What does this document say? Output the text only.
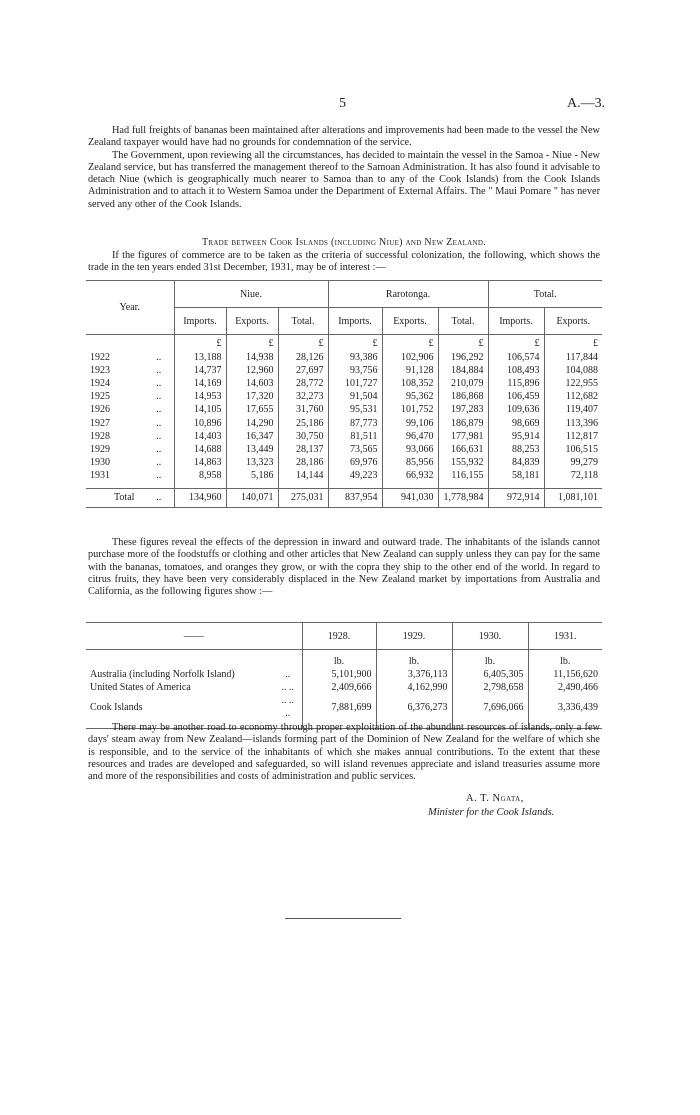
5	A.—3.

Had full freights of bananas been maintained after alterations and improvements had been made to the vessel the New Zealand taxpayer would have had no grounds for condemnation of the service.

The Government, upon reviewing all the circumstances, has decided to maintain the vessel in the Samoa - Niue - New Zealand service, but has transferred the management thereof to the Samoan Administration. It has also found it advisable to detach Niue (which is geographically much nearer to Samoa than to any of the Cook Islands) from the Cook Islands Administration and to attach it to Western Samoa under the Department of External Affairs. The " Maui Pomare " has never served any other of the Cook Islands.

Trade between Cook Islands (including Niue) and New Zealand.

If the figures of commerce are to be taken as the criteria of successful colonization, the following, which shows the trade in the ten years ended 31st December, 1931, may be of interest :—

Year.		Niue.			Rarotonga.			Total.	
		Imports.	Exports.	Total.	Imports.	Exports.	Total.	Imports.	Exports.
		£	£	£	£	£	£	£	£
1922	..	13,188	14,938	28,126	93,386	102,906	196,292	106,574	117,844
1923	..	14,737	12,960	27,697	93,756	91,128	184,884	108,493	104,088
1924	..	14,169	14,603	28,772	101,727	108,352	210,079	115,896	122,955
1925	..	14,953	17,320	32,273	91,504	95,362	186,868	106,459	112,682
1926	..	14,105	17,655	31,760	95,531	101,752	197,283	109,636	119,407
1927	..	10,896	14,290	25,186	87,773	99,106	186,879	98,669	113,396
1928	..	14,403	16,347	30,750	81,511	96,470	177,981	95,914	112,817
1929	..	14,688	13,449	28,137	73,565	93,066	166,631	88,253	106,515
1930	..	14,863	13,323	28,186	69,976	85,956	155,932	84,839	99,279
1931	..	8,958	5,186	14,144	49,223	66,932	116,155	58,181	72,118

Total	..	134,960	140,071	275,031	837,954	941,030	1,778,984	972,914	1,081,101

These figures reveal the effects of the depression in inward and outward trade. The inhabitants of the islands cannot purchase more of the foodstuffs or clothing and other articles that New Zealand can supply unless they can pay for the same with the bananas, tomatoes, and oranges they grow, or with the copra they ship to the other end of the world. In regard to citrus fruits, they have been very considerably displaced in the New Zealand market by importations from Australia and California, as the following figures show :—

——		1928.	1929.	1930.	1931.
		lb.	lb.	lb.	lb.
Australia (including Norfolk Island)	..	5,101,900	3,376,113	6,405,305	11,156,620
United States of America	.. ..	2,409,666	4,162,990	2,798,658	2,490,466
Cook Islands	.. .. ..	7,881,699	6,376,273	7,696,066	3,336,439

There may be another road to economy through proper exploitation of the abundant resources of islands, only a few days' steam away from New Zealand—islands forming part of the Dominion of New Zealand for the welfare of which she is responsible, and to the service of the inhabitants of which she makes annual contributions. To the extent that these resources and trades are developed and safeguarded, so will island revenues appreciate and island treasuries assume more and more of the responsibilities and costs of administration and public services.

A. T. Ngata,
Minister for the Cook Islands.
